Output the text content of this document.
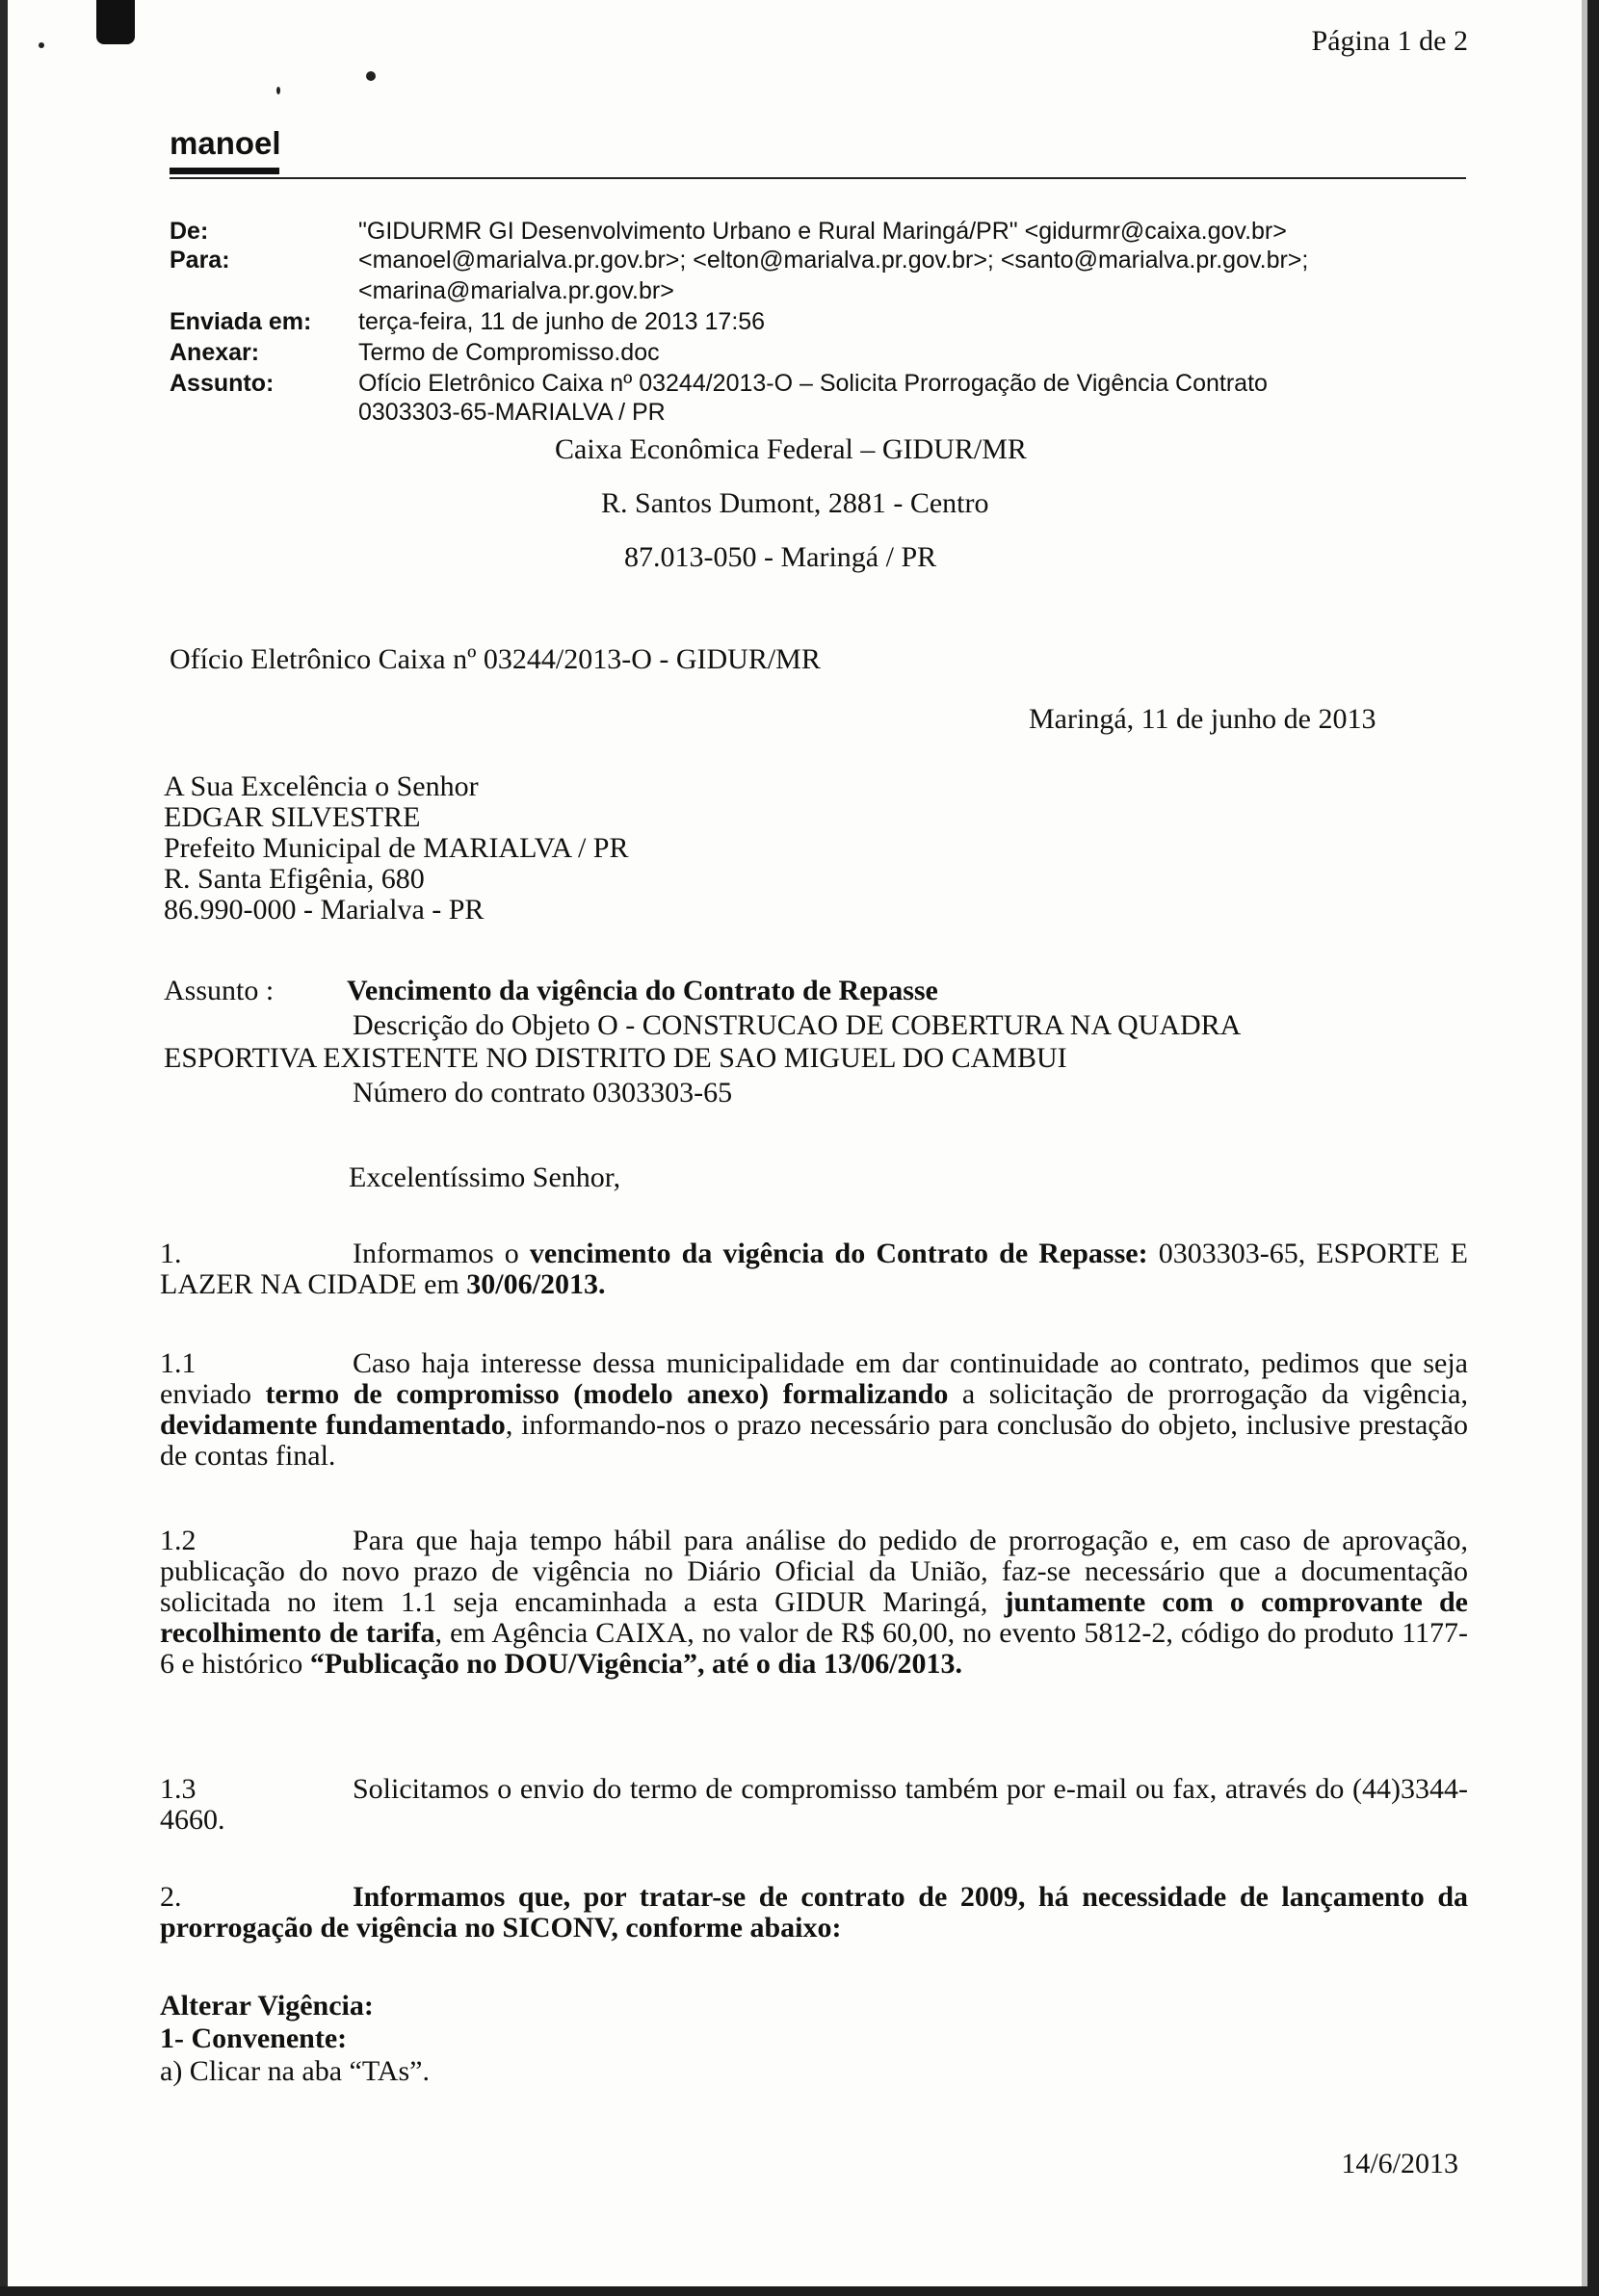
Página 1 de 2
manoel
De:	"GIDURMR GI Desenvolvimento Urbano e Rural Maringá/PR" <gidurmr@caixa.gov.br>
Para:	<manoel@marialva.pr.gov.br>; <elton@marialva.pr.gov.br>; <santo@marialva.pr.gov.br>;
<marina@marialva.pr.gov.br>
Enviada em: terça-feira, 11 de junho de 2013 17:56
Anexar:	Termo de Compromisso.doc
Assunto:	Ofício Eletrônico Caixa nº 03244/2013-O – Solicita Prorrogação de Vigência Contrato
0303303-65-MARIALVA / PR
Caixa Econômica Federal – GIDUR/MR
R. Santos Dumont, 2881 - Centro
87.013-050 - Maringá / PR
Ofício Eletrônico Caixa nº 03244/2013-O - GIDUR/MR
Maringá, 11 de junho de 2013
A Sua Excelência o Senhor
EDGAR SILVESTRE
Prefeito Municipal de MARIALVA / PR
R. Santa Efigênia, 680
86.990-000 - Marialva - PR
Assunto :	Vencimento da vigência do Contrato de Repasse
Descrição do Objeto O - CONSTRUCAO DE COBERTURA NA QUADRA
ESPORTIVA EXISTENTE NO DISTRITO DE SAO MIGUEL DO CAMBUI
Número do contrato 0303303-65
Excelentíssimo Senhor,
1.	Informamos o vencimento da vigência do Contrato de Repasse: 0303303-65, ESPORTE E LAZER NA CIDADE em 30/06/2013.
1.1	Caso haja interesse dessa municipalidade em dar continuidade ao contrato, pedimos que seja enviado termo de compromisso (modelo anexo) formalizando a solicitação de prorrogação da vigência, devidamente fundamentado, informando-nos o prazo necessário para conclusão do objeto, inclusive prestação de contas final.
1.2	Para que haja tempo hábil para análise do pedido de prorrogação e, em caso de aprovação, publicação do novo prazo de vigência no Diário Oficial da União, faz-se necessário que a documentação solicitada no item 1.1 seja encaminhada a esta GIDUR Maringá, juntamente com o comprovante de recolhimento de tarifa, em Agência CAIXA, no valor de R$ 60,00, no evento 5812-2, código do produto 1177-6 e histórico “Publicação no DOU/Vigência”, até o dia 13/06/2013.
1.3	Solicitamos o envio do termo de compromisso também por e-mail ou fax, através do (44)3344-4660.
2.	Informamos que, por tratar-se de contrato de 2009, há necessidade de lançamento da prorrogação de vigência no SICONV, conforme abaixo:
Alterar Vigência:
1- Convenente:
a) Clicar na aba “TAs”.
14/6/2013
